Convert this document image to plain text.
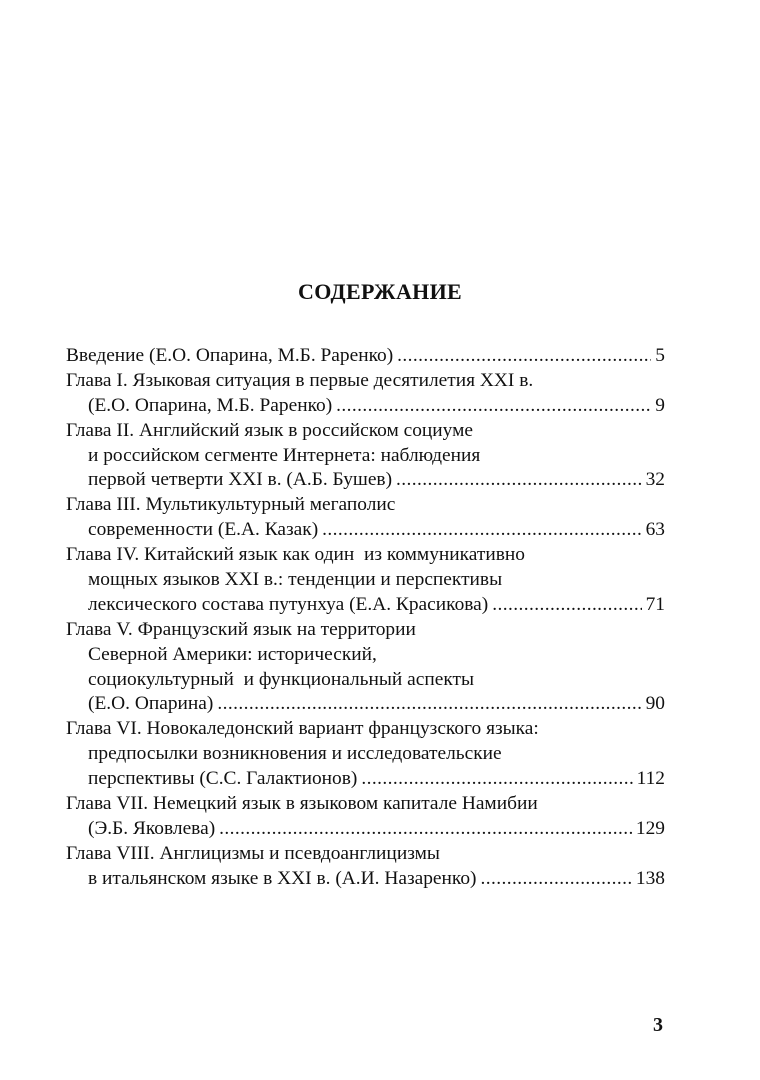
СОДЕРЖАНИЕ
Введение (Е.О. Опарина, М.Б. Раренко) .....	5
Глава I. Языковая ситуация в первые десятилетия XXI в.
(Е.О. Опарина, М.Б. Раренко) .....	9
Глава II. Английский язык в российском социуме
и российском сегменте Интернета: наблюдения
первой четверти XXI в. (А.Б. Бушев) .....	32
Глава III. Мультикультурный мегаполис
современности (Е.А. Казак) .....	63
Глава IV. Китайский язык как один  из коммуникативно
мощных языков XXI в.: тенденции и перспективы
лексического состава путунхуа (Е.А. Красикова) .....	71
Глава V. Французский язык на территории
Северной Америки: исторический,
социокультурный  и функциональный аспекты
(Е.О. Опарина) .....	90
Глава VI. Новокаледонский вариант французского языка:
предпосылки возникновения и исследовательские
перспективы (С.С. Галактионов) .....	112
Глава VII. Немецкий язык в языковом капитале Намибии
(Э.Б. Яковлева) .....	129
Глава VIII. Англицизмы и псевдоанглицизмы
в итальянском языке в XXI в. (А.И. Назаренко) .....	138
3
